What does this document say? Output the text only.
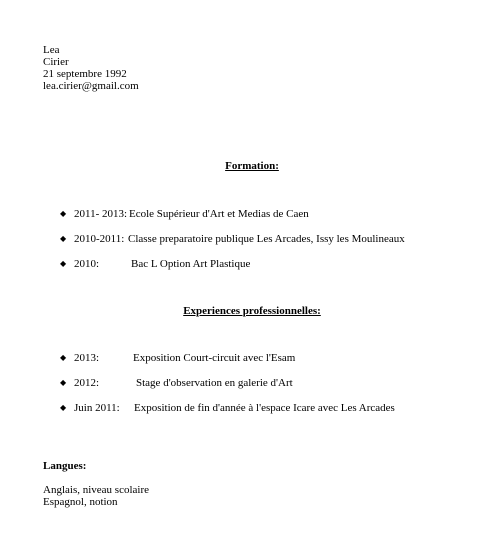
Lea
Cirier
21 septembre 1992
lea.cirier@gmail.com
Formation:
◆ 2011- 2013: Ecole Supérieur d'Art et Medias de Caen
◆ 2010-2011: Classe preparatoire publique Les Arcades, Issy les Moulineaux
◆ 2010:	Bac L Option Art Plastique
Experiences professionnelles:
◆ 2013:	Exposition Court-circuit avec l'Esam
◆ 2012:	Stage d'observation en galerie d'Art
◆ Juin 2011: Exposition de fin d'année à l'espace Icare avec Les Arcades
Langues:
Anglais, niveau scolaire
Espagnol, notion
